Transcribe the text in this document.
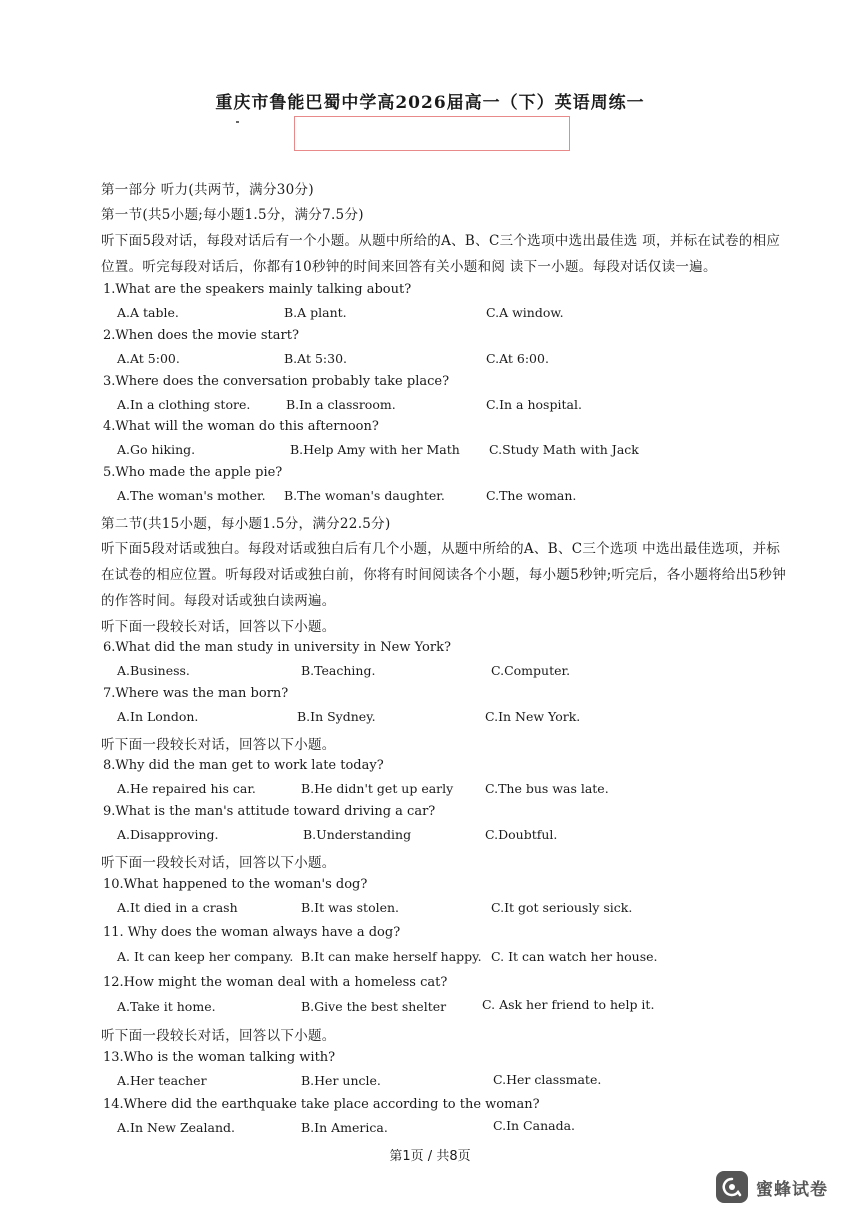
重庆市鲁能巴蜀中学高2026届高一（下）英语周练一
第一部分 听力(共两节，满分30分)
第一节(共5小题;每小题1.5分，满分7.5分)
听下面5段对话，每段对话后有一个小题。从题中所给的A、B、C三个选项中选出最佳选 项，并标在试卷的相应
位置。听完每段对话后，你都有10秒钟的时间来回答有关小题和阅 读下一小题。每段对话仅读一遍。
1.What are the speakers mainly talking about?
A.A table.	B.A plant.	C.A window.
2.When does the movie start?
A.At 5:00.	B.At 5:30.	C.At 6:00.
3.Where does the conversation probably take place?
A.In a clothing store.	B.In a classroom.	C.In a hospital.
4.What will the woman do this afternoon?
A.Go hiking.	B.Help Amy with her Math C.Study Math with Jack
5.Who made the apple pie?
A.The woman's mother. B.The woman's daughter.	C.The woman.
第二节(共15小题，每小题1.5分，满分22.5分)
听下面5段对话或独白。每段对话或独白后有几个小题，从题中所给的A、B、C三个选项 中选出最佳选项，并标
在试卷的相应位置。听每段对话或独白前，你将有时间阅读各个小题，每小题5秒钟;听完后，各小题将给出5秒钟
的作答时间。每段对话或独白读两遍。
听下面一段较长对话，回答以下小题。
6.What did the man study in university in New York?
A.Business.	B.Teaching.	C.Computer.
7.Where was the man born?
A.In London.	B.In Sydney.	C.In New York.
听下面一段较长对话，回答以下小题。
8.Why did the man get to work late today?
A.He repaired his car.	B.He didn't get up early	C.The bus was late.
9.What is the man's attitude toward driving a car?
A.Disapproving.	B.Understanding	C.Doubtful.
听下面一段较长对话，回答以下小题。
10.What happened to the woman's dog?
A.It died in a crash	B.It was stolen.	C.It got seriously sick.
11. Why does the woman always have a dog?
A. It can keep her company. B.It can make herself happy. C. It can watch her house.
12.How might the woman deal with a homeless cat?
A.Take it home.	B.Give the best shelter	C. Ask her friend to help it.
听下面一段较长对话，回答以下小题。
13.Who is the woman talking with?
A.Her teacher	B.Her uncle.	C.Her classmate.
14.Where did the earthquake take place according to the woman?
A.In New Zealand.	B.In America.	C.In Canada.
第1页 / 共8页
蜜蜂试卷
